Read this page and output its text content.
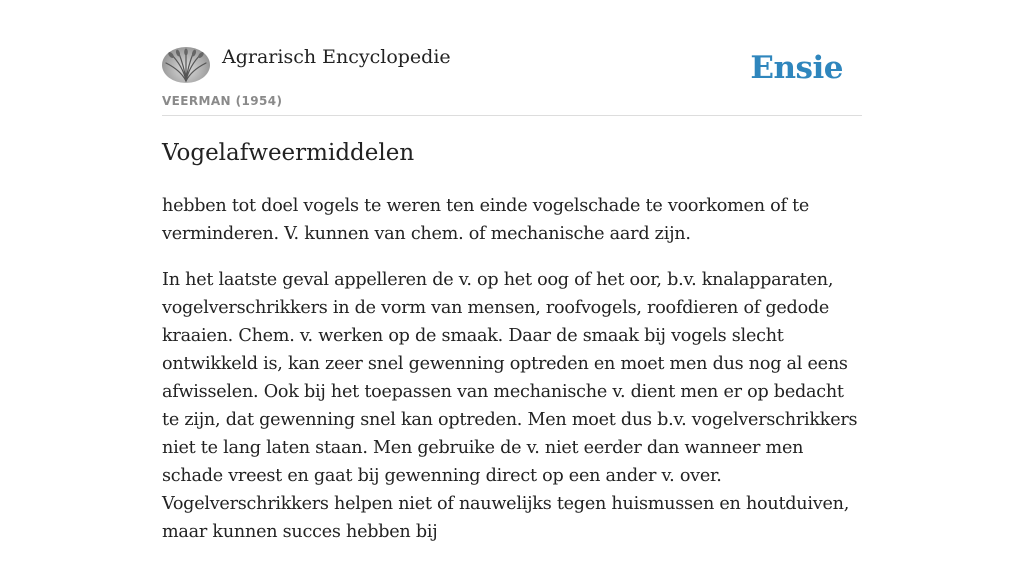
Agrarisch Encyclopedie	Ensie
VEERMAN (1954)
Vogelafweermiddelen

hebben tot doel vogels te weren ten einde vogelschade te voorkomen of te verminderen. V. kunnen van chem. of mechanische aard zijn.

In het laatste geval appelleren de v. op het oog of het oor, b.v. knalapparaten, vogelverschrikkers in de vorm van mensen, roofvogels, roofdieren of gedode kraaien. Chem. v. werken op de smaak. Daar de smaak bij vogels slecht ontwikkeld is, kan zeer snel gewenning optreden en moet men dus nog al eens afwisselen. Ook bij het toepassen van mechanische v. dient men er op bedacht te zijn, dat gewenning snel kan optreden. Men moet dus b.v. vogelverschrikkers niet te lang laten staan. Men gebruike de v. niet eerder dan wanneer men schade vreest en gaat bij gewenning direct op een ander v. over. Vogelverschrikkers helpen niet of nauwelijks tegen huismussen en houtduiven, maar kunnen succes hebben bij
